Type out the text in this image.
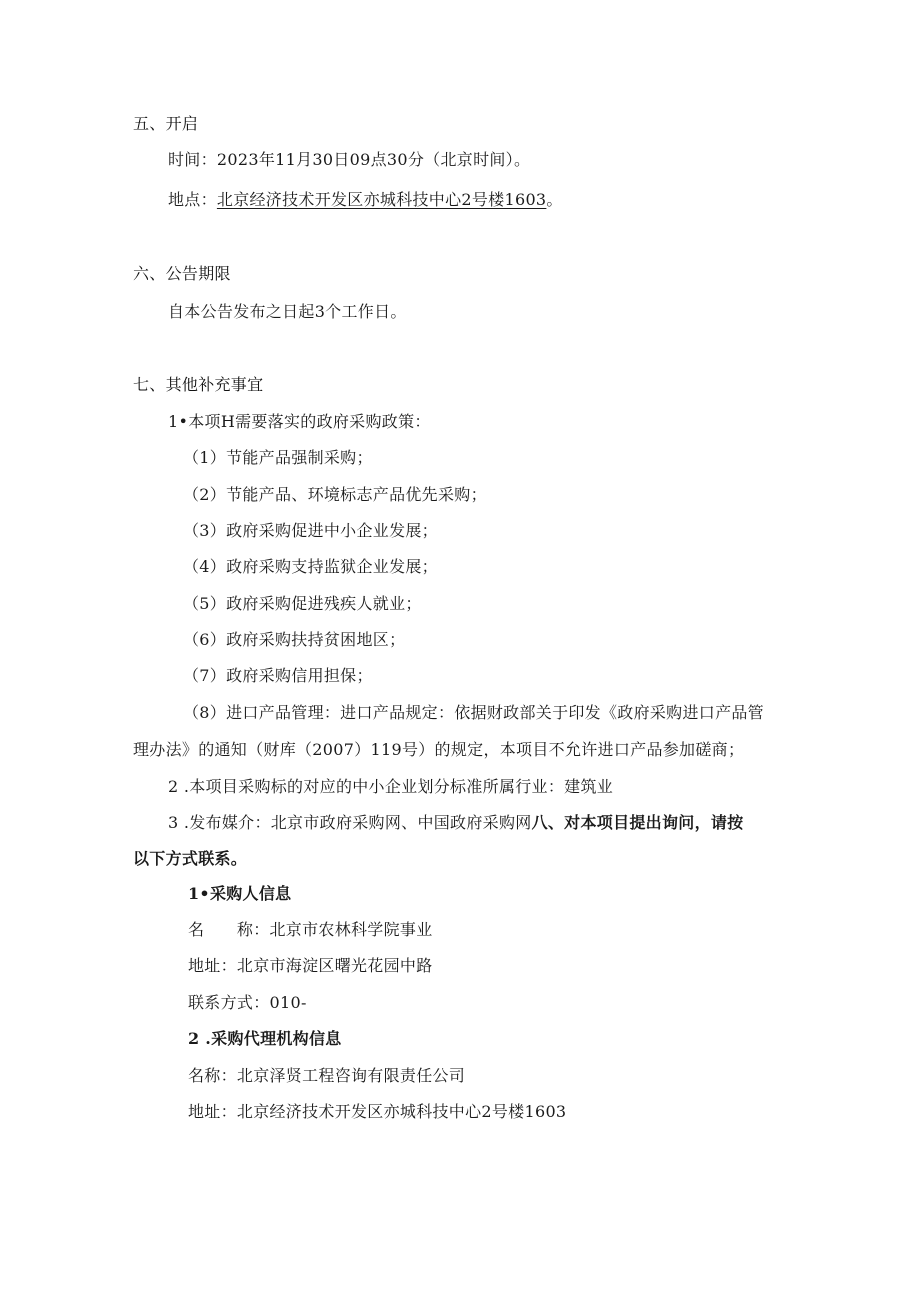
五、开启
时间：2023年11月30日09点30分（北京时间）。
地点：北京经济技术开发区亦城科技中心2号楼1603。
六、公告期限
自本公告发布之日起3个工作日。
七、其他补充事宜
1•本项H需要落实的政府采购政策：
（1）节能产品强制采购；
（2）节能产品、环境标志产品优先采购；
（3）政府采购促进中小企业发展；
（4）政府采购支持监狱企业发展；
（5）政府采购促进残疾人就业；
（6）政府采购扶持贫困地区；
（7）政府采购信用担保；
（8）进口产品管理：进口产品规定：依据财政部关于印发《政府采购进口产品管
理办法》的通知（财库（2007）119号）的规定，本项目不允许进口产品参加磋商；
2 .本项目采购标的对应的中小企业划分标准所属行业：建筑业
3 .发布媒介：北京市政府采购网、中国政府采购网八、对本项目提出询问，请按
以下方式联系。
1•采购人信息
名　　称：北京市农林科学院事业
地址：北京市海淀区曙光花园中路
联系方式：010-
2 .采购代理机构信息
名称：北京泽贤工程咨询有限责任公司
地址：北京经济技术开发区亦城科技中心2号楼1603
